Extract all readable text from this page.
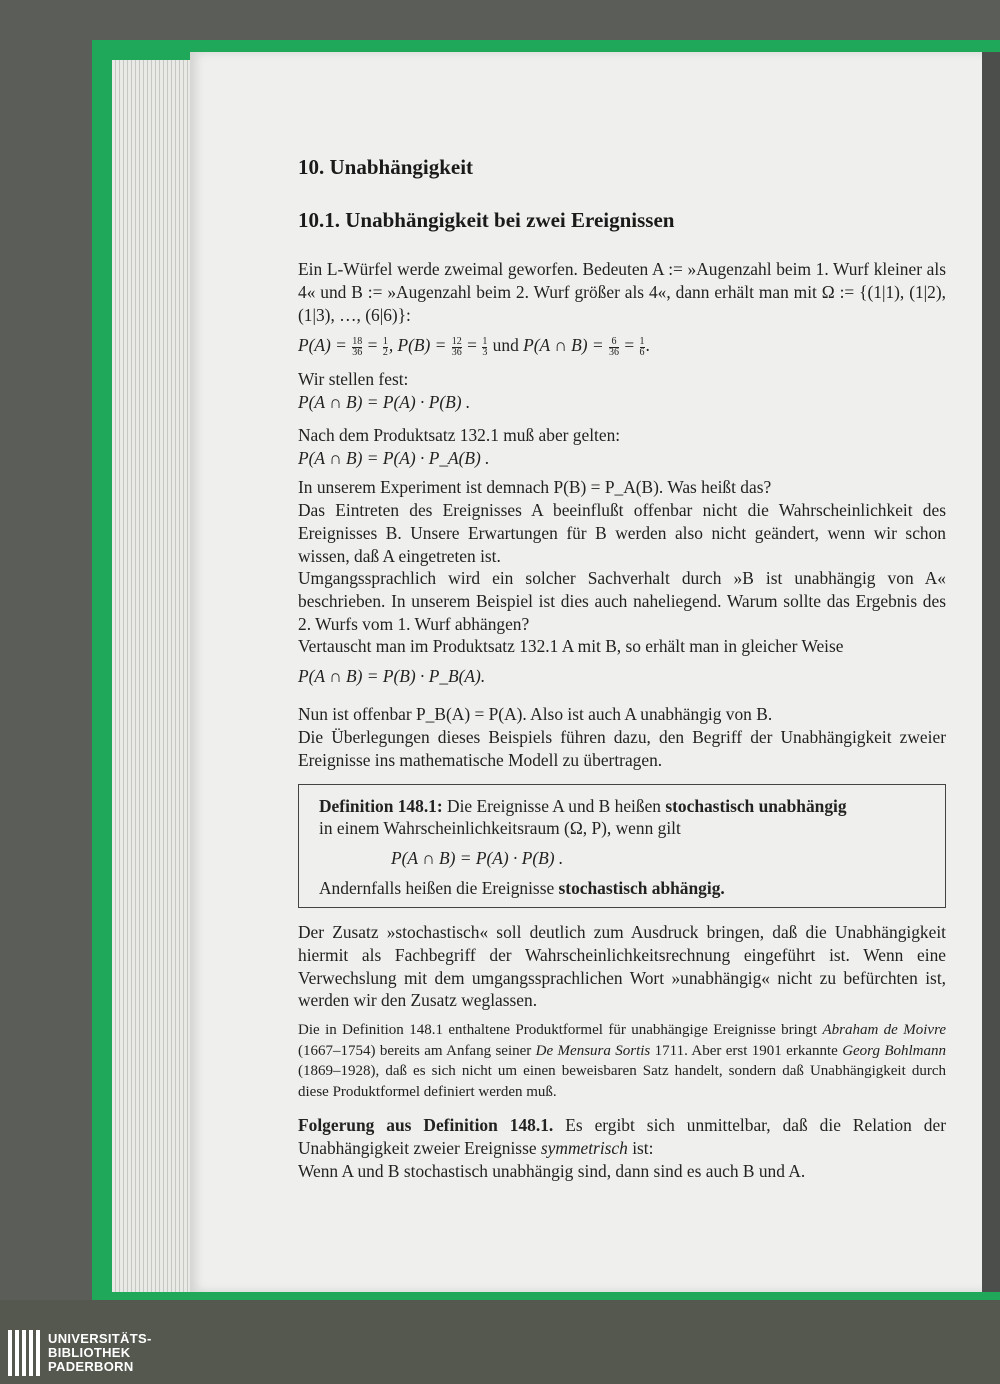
10. Unabhängigkeit
10.1. Unabhängigkeit bei zwei Ereignissen
Ein L-Würfel werde zweimal geworfen. Bedeuten A := »Augenzahl beim 1. Wurf kleiner als 4« und B := »Augenzahl beim 2. Wurf größer als 4«, dann erhält man mit Ω := {(1|1), (1|2), (1|3), …, (6|6)}:
$P(A) = \frac{18}{36} = \frac{1}{2}$ , $P(B) = \frac{12}{36} = \frac{1}{3}$ und P(A ∩ $B) = \frac{6}{36} = \frac{1}{6}$ .
Wir stellen fest:
P(A ∩ B) = P(A) · P(B) .
Nach dem Produktsatz 132.1 muß aber gelten:
P(A ∩ B) = P(A) · P_A(B) .
In unserem Experiment ist demnach P(B) = P_A(B). Was heißt das?
Das Eintreten des Ereignisses A beeinflußt offenbar nicht die Wahrscheinlichkeit des Ereignisses B. Unsere Erwartungen für B werden also nicht geändert, wenn wir schon wissen, daß A eingetreten ist.
Umgangssprachlich wird ein solcher Sachverhalt durch »B ist unabhängig von A« beschrieben. In unserem Beispiel ist dies auch naheliegend. Warum sollte das Ergebnis des 2. Wurfs vom 1. Wurf abhängen?
Vertauscht man im Produktsatz 132.1 A mit B, so erhält man in gleicher Weise
P(A ∩ B) = P(B) · P_B(A).
Nun ist offenbar P_B(A) = P(A). Also ist auch A unabhängig von B.
Die Überlegungen dieses Beispiels führen dazu, den Begriff der Unabhängigkeit zweier Ereignisse ins mathematische Modell zu übertragen.
Definition 148.1: Die Ereignisse A und B heißen stochastisch unabhängig
in einem Wahrscheinlichkeitsraum (Ω, P), wenn gilt
P(A ∩ B) = P(A) · P(B) .
Andernfalls heißen die Ereignisse stochastisch abhängig.
Der Zusatz »stochastisch« soll deutlich zum Ausdruck bringen, daß die Unabhängigkeit hiermit als Fachbegriff der Wahrscheinlichkeitsrechnung eingeführt ist. Wenn eine Verwechslung mit dem umgangssprachlichen Wort »unabhängig« nicht zu befürchten ist, werden wir den Zusatz weglassen.
Die in Definition 148.1 enthaltene Produktformel für unabhängige Ereignisse bringt Abraham de Moivre (1667–1754) bereits am Anfang seiner De Mensura Sortis 1711. Aber erst 1901 erkannte Georg Bohlmann (1869–1928), daß es sich nicht um einen beweisbaren Satz handelt, sondern daß Unabhängigkeit durch diese Produktformel definiert werden muß.
Folgerung aus Definition 148.1. Es ergibt sich unmittelbar, daß die Relation der Unabhängigkeit zweier Ereignisse symmetrisch ist:
Wenn A und B stochastisch unabhängig sind, dann sind es auch B und A.
UNIVERSITÄTS-
BIBLIOTHEK
PADERBORN
